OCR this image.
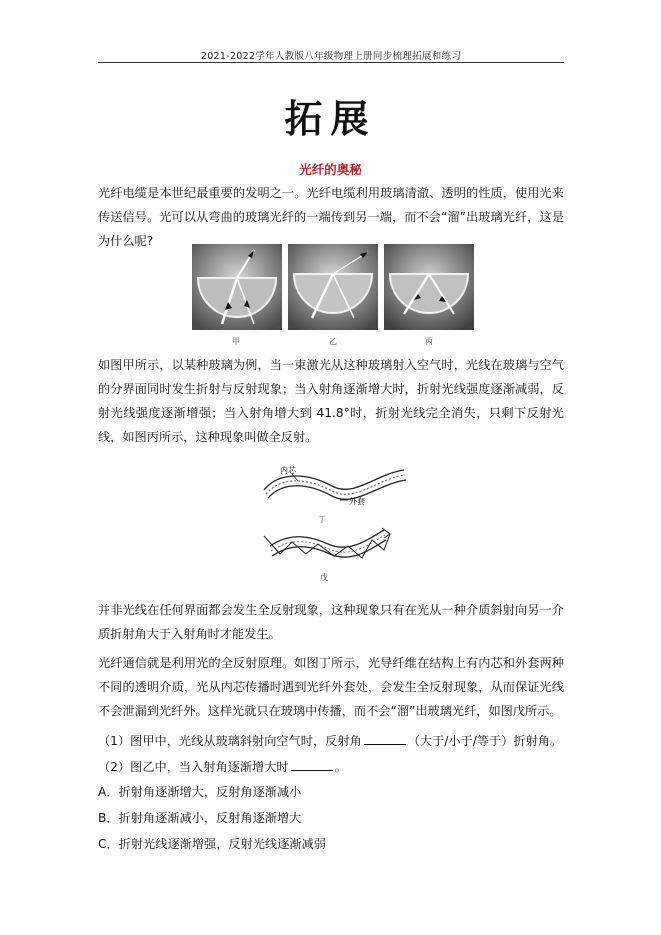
2021-2022学年人教版八年级物理上册同步梳理拓展和练习
拓展
光纤的奥秘
光纤电缆是本世纪最重要的发明之一。光纤电缆利用玻璃清澈、透明的性质，使用光来传送信号。光可以从弯曲的玻璃光纤的一端传到另一端，而不会“溜”出玻璃光纤，这是为什么呢?
甲	乙	丙
如图甲所示，以某种玻璃为例，当一束激光从这种玻璃射入空气时，光线在玻璃与空气的分界面同时发生折射与反射现象；当入射角逐渐增大时，折射光线强度逐渐减弱，反射光线强度逐渐增强；当入射角增大到 41.8°时，折射光线完全消失，只剩下反射光线，如图丙所示，这种现象叫做全反射。
内芯
外套
丁
戊
并非光线在任何界面都会发生全反射现象，这种现象只有在光从一种介质斜射向另一介质折射角大于入射角时才能发生。
光纤通信就是利用光的全反射原理。如图丁所示，光导纤维在结构上有内芯和外套两种不同的透明介质，光从内芯传播时遇到光纤外套处，会发生全反射现象，从而保证光线不会泄漏到光纤外。这样光就只在玻璃中传播，而不会“溜”出玻璃光纤，如图戊所示。
（1）图甲中，光线从玻璃斜射向空气时，反射角	（大于/小于/等于）折射角。
（2）图乙中，当入射角逐渐增大时	。
A．折射角逐渐增大，反射角逐渐减小
B．折射角逐渐减小，反射角逐渐增大
C．折射光线逐渐增强，反射光线逐渐减弱
